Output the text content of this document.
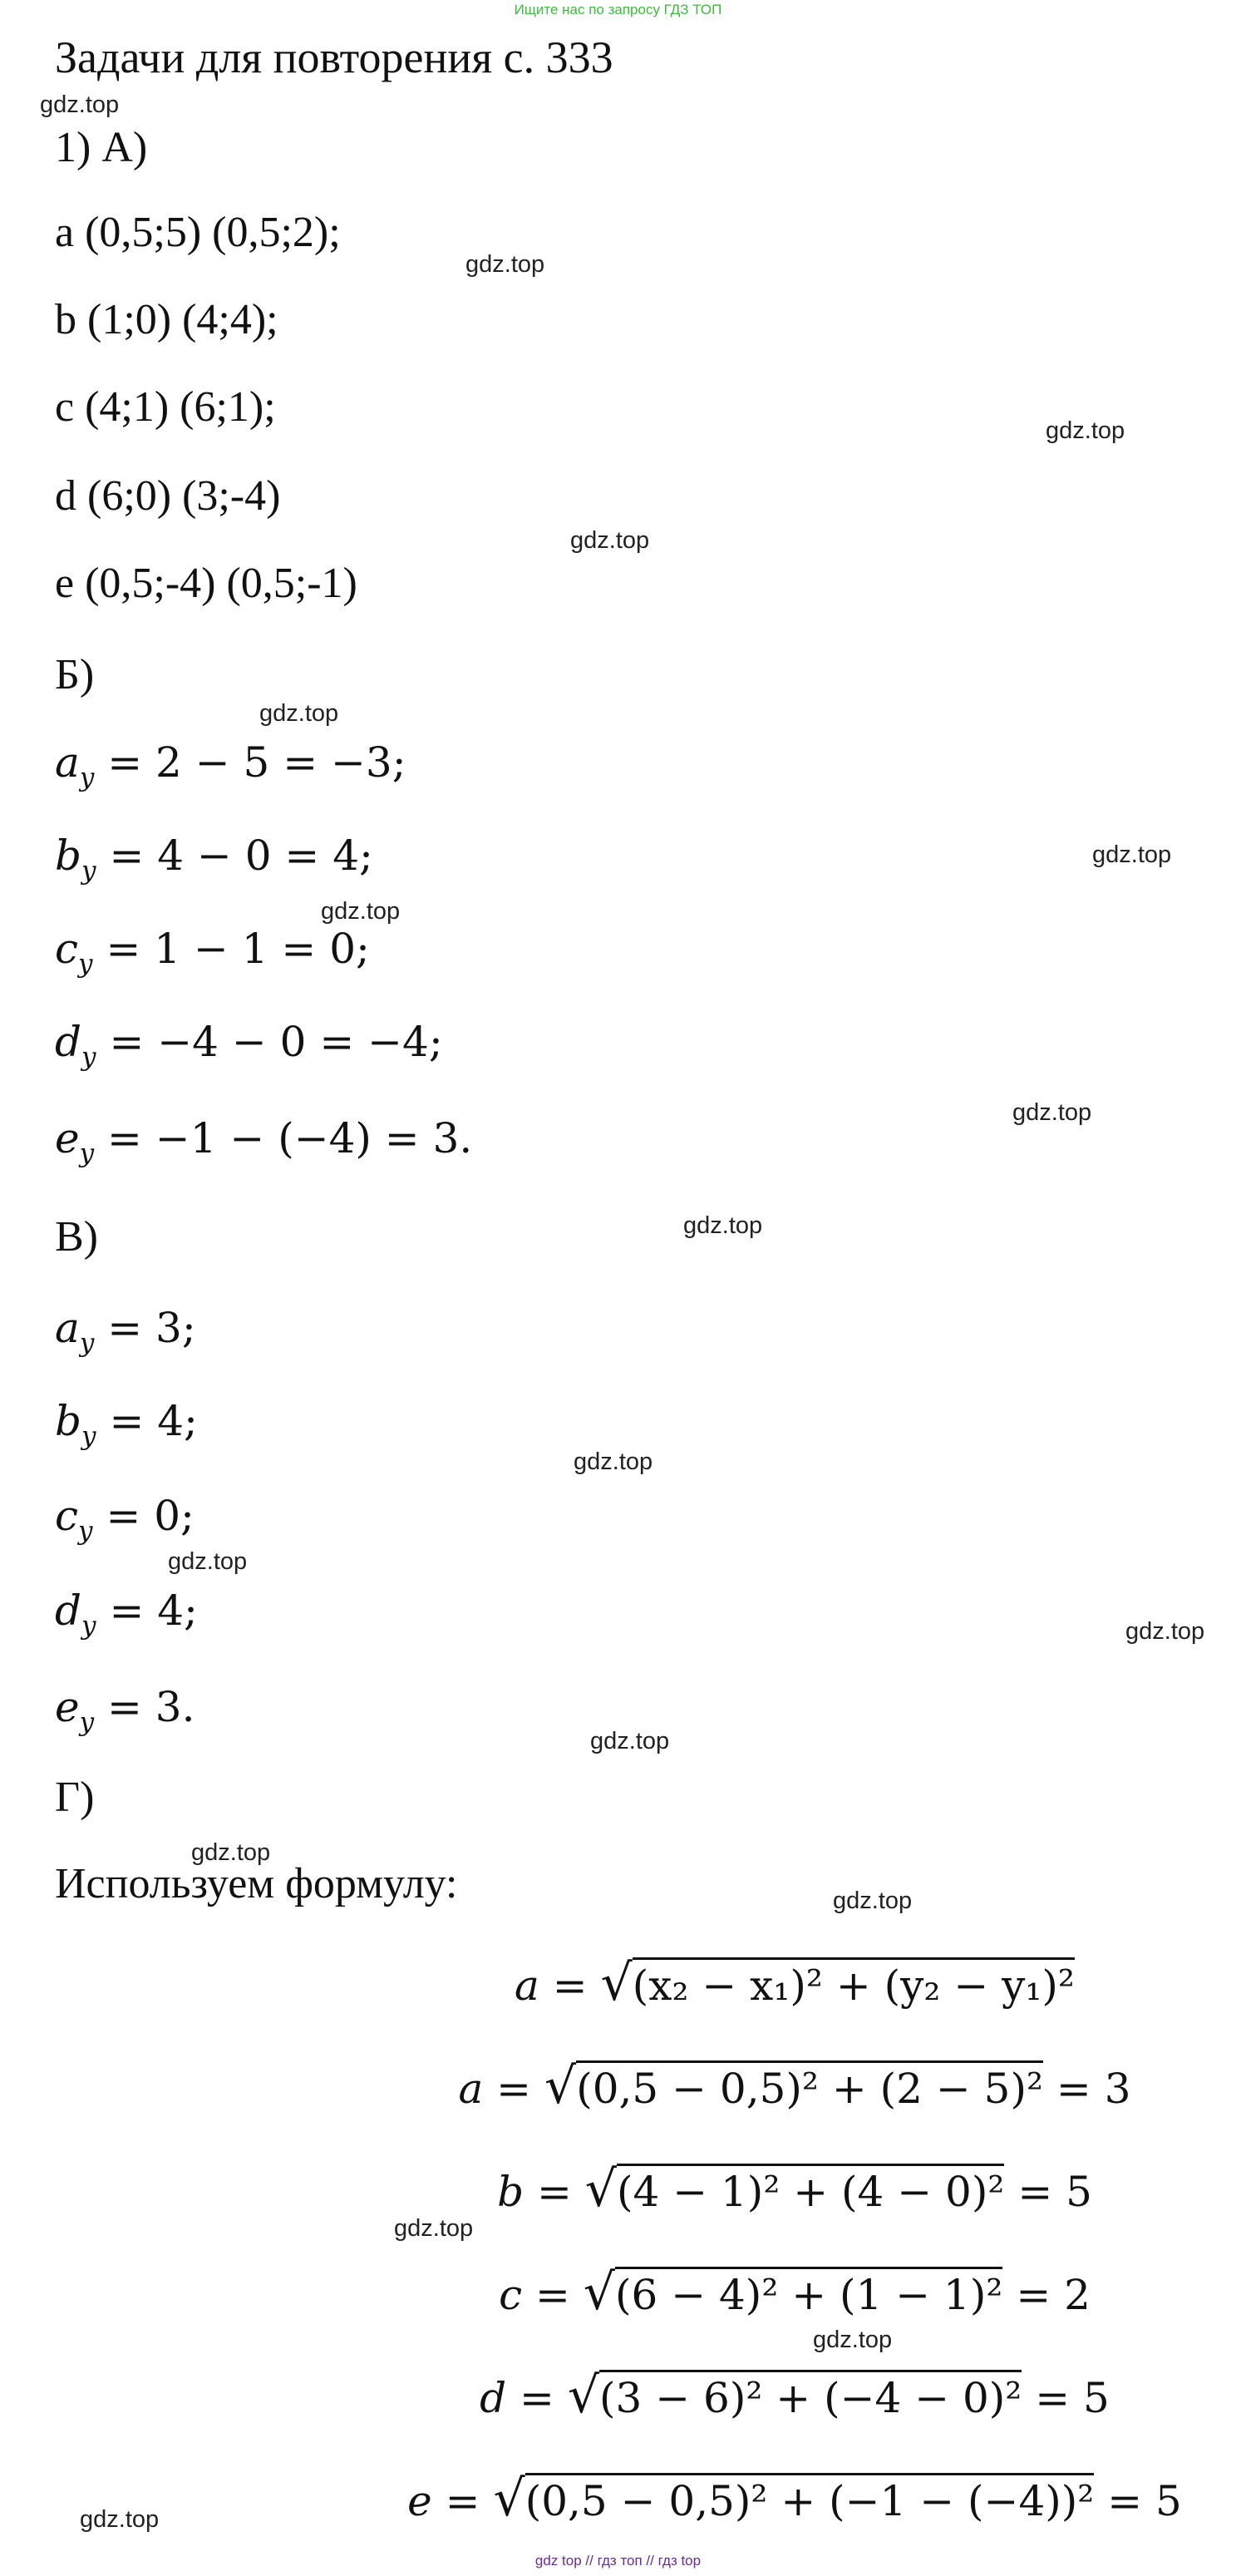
Ищите нас по запросу ГДЗ ТОП
Задачи для повторения с. 333
gdz.top
gdz.top
gdz.top
gdz.top
gdz.top
gdz.top
gdz.top
gdz.top
gdz.top
gdz.top
gdz.top
gdz.top
gdz.top
gdz.top
gdz.top
gdz.top
gdz.top
gdz.top
1) А)
a (0,5;5) (0,5;2);
b (1;0) (4;4);
c (4;1) (6;1);
d (6;0) (3;-4)
e (0,5;-4) (0,5;-1)
Б)
$a_y = 2 - 5 = -3$;
$b_y = 4 - 0 = 4$;
$c_y = 1 - 1 = 0$;
$d_y = -4 - 0 = -4$;
$e_y = -1 - (-4) = 3$.
В)
$a_y = 3$;
$b_y = 4$;
$c_y = 0$;
$d_y = 4$;
$e_y = 3$.
Г)
Используем формулу:
a = √(x₂ − x₁)² + (y₂ − y₁)²
a = √(0,5 − 0,5)² + (2 − 5)² = 3
b = √(4 − 1)² + (4 − 0)² = 5
c = √(6 − 4)² + (1 − 1)² = 2
d = √(3 − 6)² + (−4 − 0)² = 5
e = √(0,5 − 0,5)² + (−1 − (−4))² = 5
gdz top // гдз топ // гдз top
